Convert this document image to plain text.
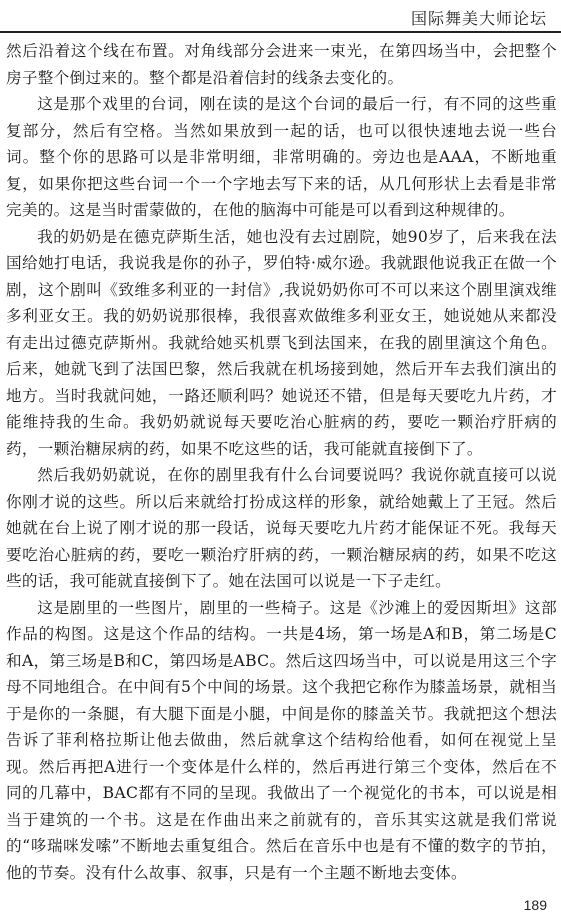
国际舞美大师论坛

然后沿着这个线在布置。对角线部分会进来一束光，在第四场当中，会把整个房子整个倒过来的。整个都是沿着信封的线条去变化的。

这是那个戏里的台词，刚在读的是这个台词的最后一行，有不同的这些重复部分，然后有空格。当然如果放到一起的话，也可以很快速地去说一些台词。整个你的思路可以是非常明细，非常明确的。旁边也是AAA，不断地重复，如果你把这些台词一个一个字地去写下来的话，从几何形状上去看是非常完美的。这是当时雷蒙做的，在他的脑海中可能是可以看到这种规律的。

我的奶奶是在德克萨斯生活，她也没有去过剧院，她90岁了，后来我在法国给她打电话，我说我是你的孙子，罗伯特·威尔逊。我就跟他说我正在做一个剧，这个剧叫《致维多利亚的一封信》,我说奶奶你可不可以来这个剧里演戏维多利亚女王。我的奶奶说那很棒，我很喜欢做维多利亚女王，她说她从来都没有走出过德克萨斯州。我就给她买机票飞到法国来，在我的剧里演这个角色。后来，她就飞到了法国巴黎，然后我就在机场接到她，然后开车去我们演出的地方。当时我就问她，一路还顺利吗？她说还不错，但是每天要吃九片药，才能维持我的生命。我奶奶就说每天要吃治心脏病的药，要吃一颗治疗肝病的药，一颗治糖尿病的药，如果不吃这些的话，我可能就直接倒下了。

然后我奶奶就说，在你的剧里我有什么台词要说吗？我说你就直接可以说你刚才说的这些。所以后来就给打扮成这样的形象，就给她戴上了王冠。然后她就在台上说了刚才说的那一段话，说每天要吃九片药才能保证不死。我每天要吃治心脏病的药，要吃一颗治疗肝病的药，一颗治糖尿病的药，如果不吃这些的话，我可能就直接倒下了。她在法国可以说是一下子走红。

这是剧里的一些图片，剧里的一些椅子。这是《沙滩上的爱因斯坦》这部作品的构图。这是这个作品的结构。一共是4场，第一场是A和B，第二场是C和A，第三场是B和C，第四场是ABC。然后这四场当中，可以说是用这三个字母不同地组合。在中间有5个中间的场景。这个我把它称作为膝盖场景，就相当于是你的一条腿，有大腿下面是小腿，中间是你的膝盖关节。我就把这个想法告诉了菲利格拉斯让他去做曲，然后就拿这个结构给他看，如何在视觉上呈现。然后再把A进行一个变体是什么样的，然后再进行第三个变体，然后在不同的几幕中，BAC都有不同的呈现。我做出了一个视觉化的书本，可以说是相当于建筑的一个书。这是在作曲出来之前就有的，音乐其实这就是我们常说的“哆瑞咪发嗦”不断地去重复组合。然后在音乐中也是有不懂的数字的节拍，他的节奏。没有什么故事、叙事，只是有一个主题不断地去变体。

189
